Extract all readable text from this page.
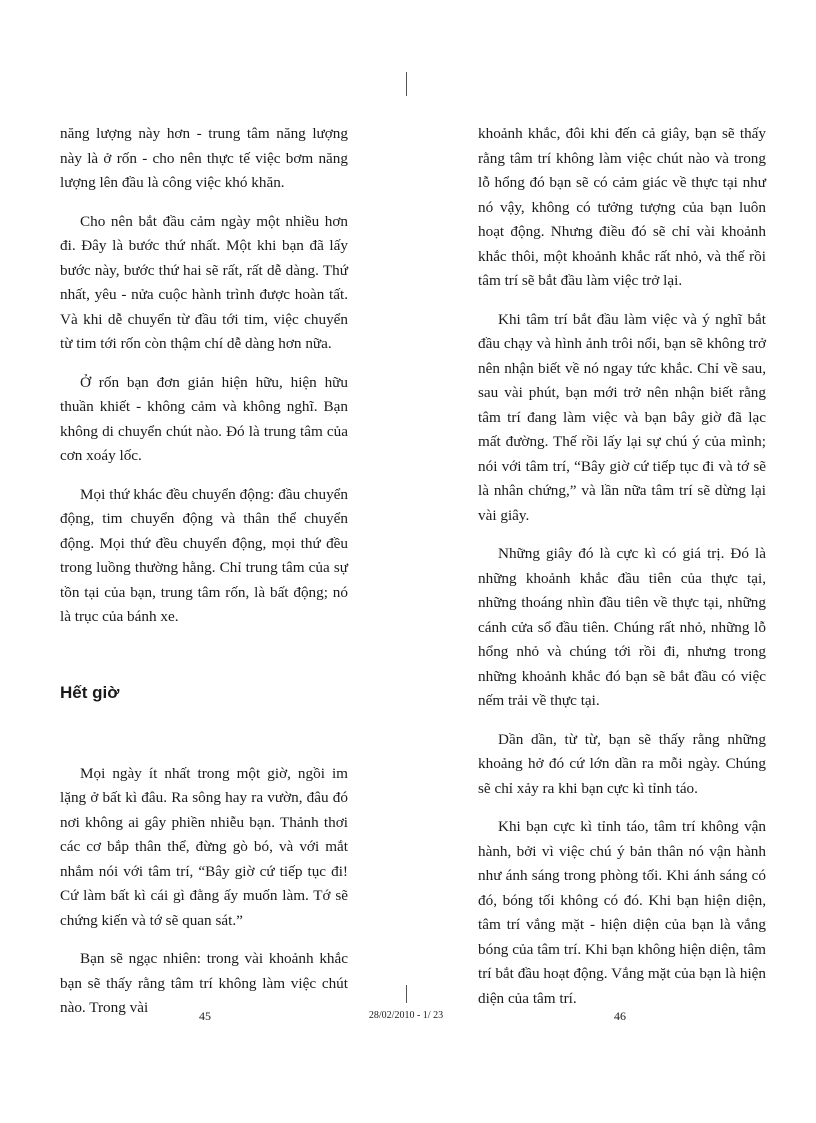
năng lượng này hơn - trung tâm năng lượng này là ở rốn - cho nên thực tế việc bơm năng lượng lên đầu là công việc khó khăn.

Cho nên bắt đầu cảm ngày một nhiều hơn đi. Đây là bước thứ nhất. Một khi bạn đã lấy bước này, bước thứ hai sẽ rất, rất dễ dàng. Thứ nhất, yêu - nửa cuộc hành trình được hoàn tất. Và khi dễ chuyển từ đầu tới tim, việc chuyển từ tim tới rốn còn thậm chí dễ dàng hơn nữa.

Ở rốn bạn đơn giản hiện hữu, hiện hữu thuần khiết - không cảm và không nghĩ. Bạn không di chuyển chút nào. Đó là trung tâm của cơn xoáy lốc.

Mọi thứ khác đều chuyển động: đầu chuyển động, tim chuyển động và thân thể chuyển động. Mọi thứ đều chuyển động, mọi thứ đều trong luồng thường hằng. Chỉ trung tâm của sự tồn tại của bạn, trung tâm rốn, là bất động; nó là trục của bánh xe.

Hết giờ

Mọi ngày ít nhất trong một giờ, ngồi im lặng ở bất kì đâu. Ra sông hay ra vườn, đâu đó nơi không ai gây phiền nhiễu bạn. Thảnh thơi các cơ bắp thân thể, đừng gò bó, và với mắt nhắm nói với tâm trí, “Bây giờ cứ tiếp tục đi! Cứ làm bất kì cái gì đằng ấy muốn làm. Tớ sẽ chứng kiến và tớ sẽ quan sát.”

Bạn sẽ ngạc nhiên: trong vài khoảnh khắc bạn sẽ thấy rằng tâm trí không làm việc chút nào. Trong vài

khoảnh khắc, đôi khi đến cả giây, bạn sẽ thấy rằng tâm trí không làm việc chút nào và trong lỗ hổng đó bạn sẽ có cảm giác về thực tại như nó vậy, không có tưởng tượng của bạn luôn hoạt động. Nhưng điều đó sẽ chỉ vài khoảnh khắc thôi, một khoảnh khắc rất nhỏ, và thế rồi tâm trí sẽ bắt đầu làm việc trở lại.

Khi tâm trí bắt đầu làm việc và ý nghĩ bắt đầu chạy và hình ảnh trôi nổi, bạn sẽ không trở nên nhận biết về nó ngay tức khắc. Chỉ về sau, sau vài phút, bạn mới trở nên nhận biết rằng tâm trí đang làm việc và bạn bây giờ đã lạc mất đường. Thế rồi lấy lại sự chú ý của mình; nói với tâm trí, “Bây giờ cứ tiếp tục đi và tớ sẽ là nhân chứng,” và lần nữa tâm trí sẽ dừng lại vài giây.

Những giây đó là cực kì có giá trị. Đó là những khoảnh khắc đầu tiên của thực tại, những thoáng nhìn đầu tiên về thực tại, những cánh cửa sổ đầu tiên. Chúng rất nhỏ, những lỗ hổng nhỏ và chúng tới rồi đi, nhưng trong những khoảnh khắc đó bạn sẽ bắt đầu có việc nếm trải về thực tại.

Dần dần, từ từ, bạn sẽ thấy rằng những khoảng hở đó cứ lớn dần ra mỗi ngày. Chúng sẽ chỉ xảy ra khi bạn cực kì tỉnh táo.

Khi bạn cực kì tỉnh táo, tâm trí không vận hành, bởi vì việc chú ý bản thân nó vận hành như ánh sáng trong phòng tối. Khi ánh sáng có đó, bóng tối không có đó. Khi bạn hiện diện, tâm trí vắng mặt - hiện diện của bạn là vắng bóng của tâm trí. Khi bạn không hiện diện, tâm trí bắt đầu hoạt động. Vắng mặt của bạn là hiện diện của tâm trí.

45	28/02/2010 - 1/ 23	46
